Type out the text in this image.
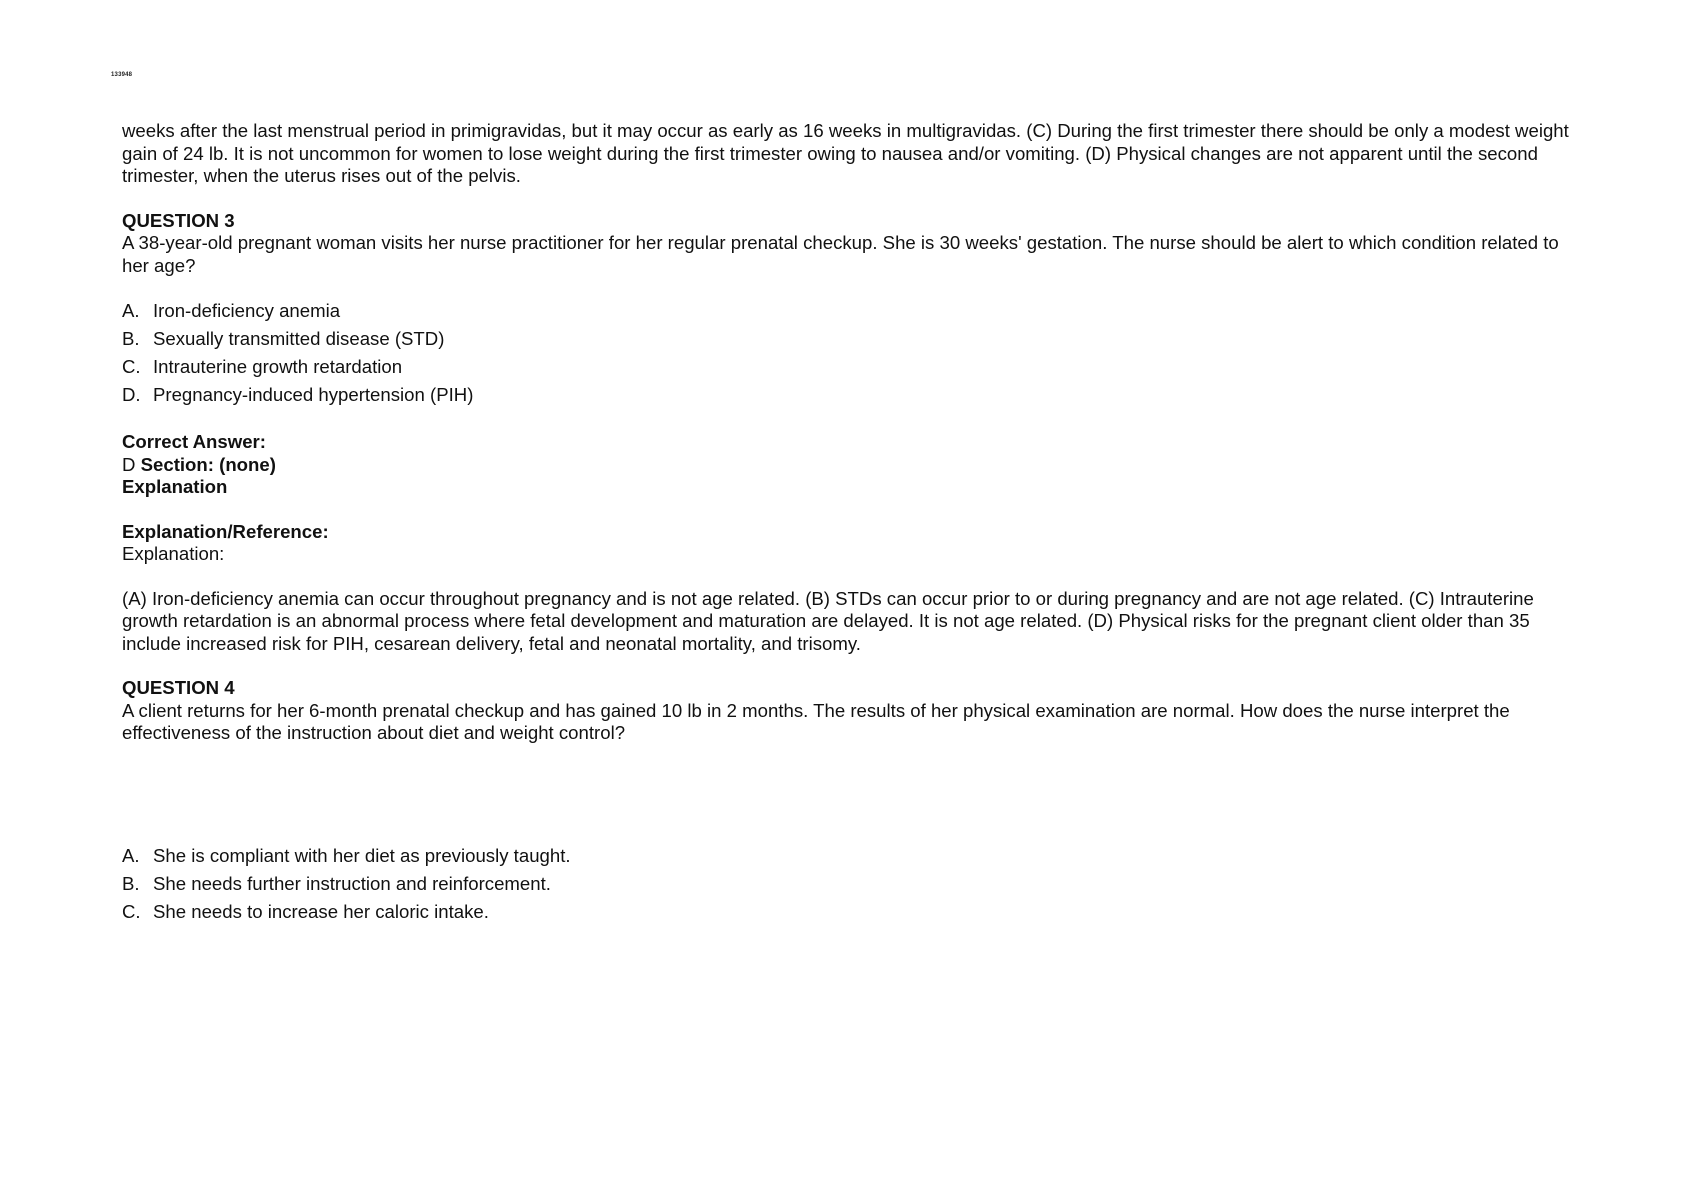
133948

weeks after the last menstrual period in primigravidas, but it may occur as early as 16 weeks in multigravidas. (C) During the first trimester there should be only a modest weight gain of 24 lb. It is not uncommon for women to lose weight during the first trimester owing to nausea and/or vomiting. (D) Physical changes are not apparent until the second trimester, when the uterus rises out of the pelvis.

QUESTION 3

A 38-year-old pregnant woman visits her nurse practitioner for her regular prenatal checkup. She is 30 weeks' gestation. The nurse should be alert to which condition related to her age?

A. Iron-deficiency anemia
B. Sexually transmitted disease (STD)
C. Intrauterine growth retardation
D. Pregnancy-induced hypertension (PIH)

Correct Answer:

D Section: (none)

Explanation

Explanation/Reference:

Explanation:

(A) Iron-deficiency anemia can occur throughout pregnancy and is not age related. (B) STDs can occur prior to or during pregnancy and are not age related. (C) Intrauterine growth retardation is an abnormal process where fetal development and maturation are delayed. It is not age related. (D) Physical risks for the pregnant client older than 35 include increased risk for PIH, cesarean delivery, fetal and neonatal mortality, and trisomy.

QUESTION 4

A client returns for her 6-month prenatal checkup and has gained 10 lb in 2 months. The results of her physical examination are normal. How does the nurse interpret the effectiveness of the instruction about diet and weight control?

A. She is compliant with her diet as previously taught.
B. She needs further instruction and reinforcement.
C. She needs to increase her caloric intake.
